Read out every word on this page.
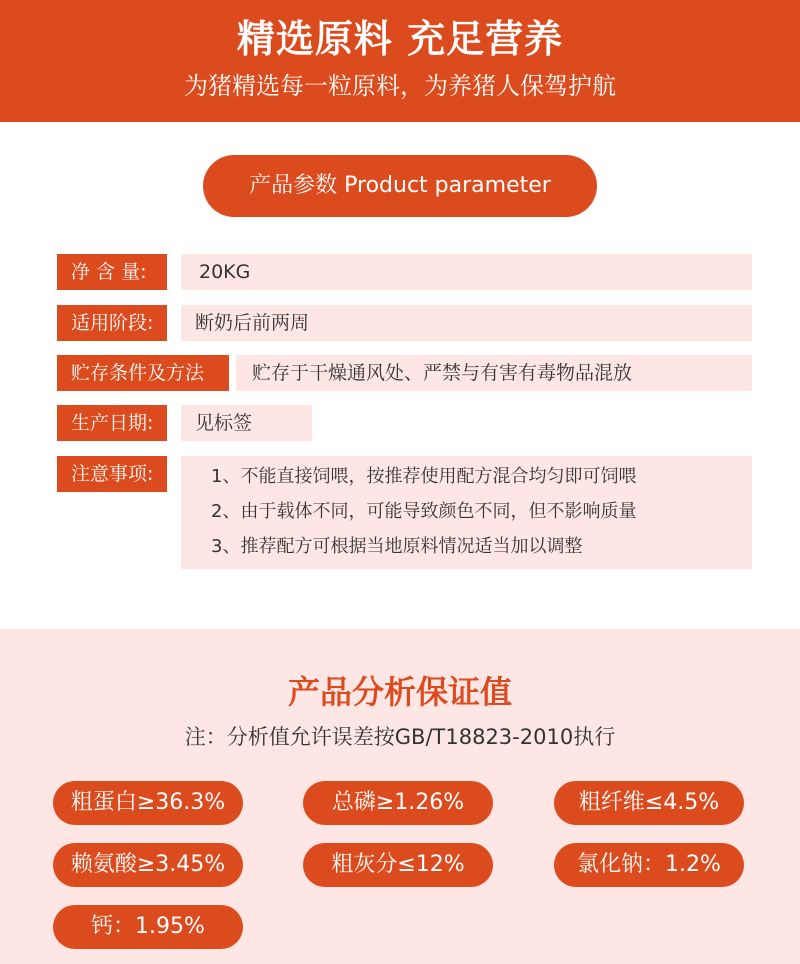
精选原料 充足营养
为猪精选每一粒原料，为养猪人保驾护航
产品参数 Product parameter
净 含 量:	20KG
适用阶段:	断奶后前两周
贮存条件及方法	贮存于干燥通风处、严禁与有害有毒物品混放
生产日期:	见标签
注意事项:	1、不能直接饲喂，按推荐使用配方混合均匀即可饲喂
2、由于载体不同，可能导致颜色不同，但不影响质量
3、推荐配方可根据当地原料情况适当加以调整
产品分析保证值
注：分析值允许误差按GB/T18823-2010执行
粗蛋白≥36.3%	总磷≥1.26%	粗纤维≤4.5%
赖氨酸≥3.45%	粗灰分≤12%	氯化钠：1.2%
钙：1.95%
